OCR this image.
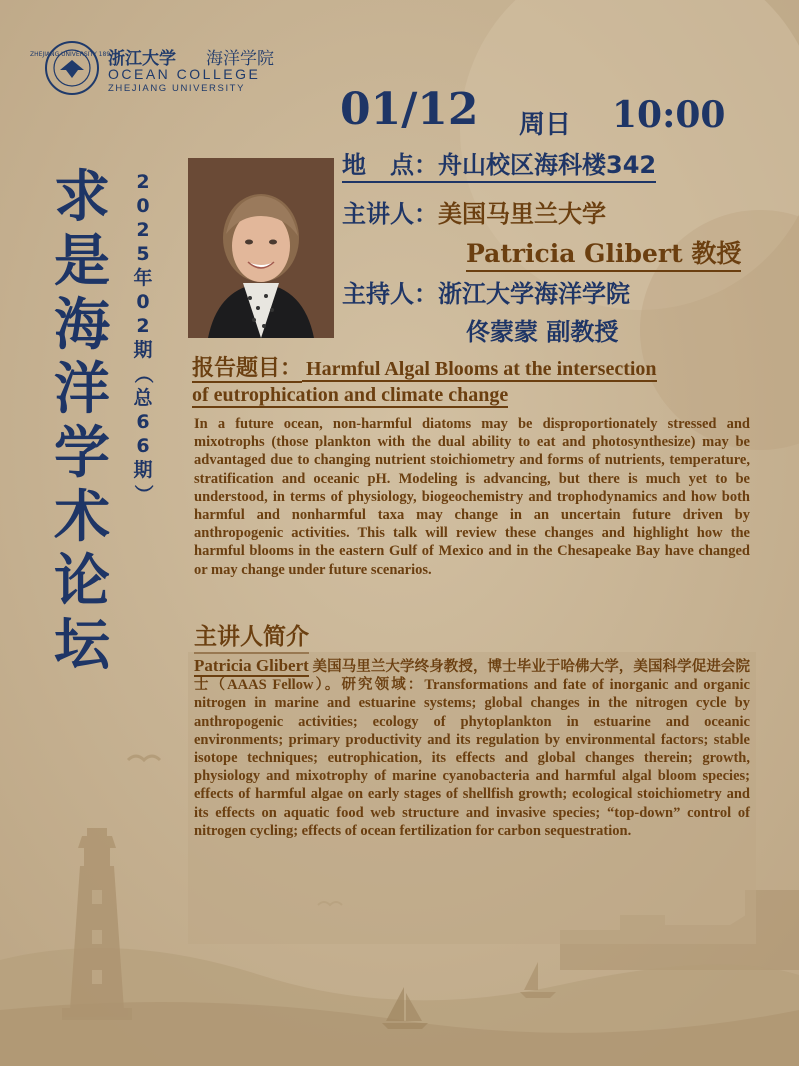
ZHEJIANG UNIVERSITY 1897
浙江大学 海洋学院
OCEAN COLLEGE
ZHEJIANG UNIVERSITY
求
是
海
洋
学
术
论
坛
2
0
2
5
年
0
2
期
（
总
6
6
期
）
01/12 周日 10:00
地　点：舟山校区海科楼342
主讲人：美国马里兰大学
Patricia Glibert 教授
主持人：浙江大学海洋学院
佟蒙蒙 副教授
报告题目： Harmful Algal Blooms at the intersection
of eutrophication and climate change
In a future ocean, non-harmful diatoms may be disproportionately stressed and mixotrophs (those plankton with the dual ability to eat and photosynthesize) may be advantaged due to changing nutrient stoichiometry and forms of nutrients, temperature, stratification and oceanic pH. Modeling is advancing, but there is much yet to be understood, in terms of physiology, biogeochemistry and trophodynamics and how both harmful and nonharmful taxa may change in an uncertain future driven by anthropogenic activities. This talk will review these changes and highlight how the harmful blooms in the eastern Gulf of Mexico and in the Chesapeake Bay have changed or may change under future scenarios.
主讲人简介
Patricia Glibert 美国马里兰大学终身教授，博士毕业于哈佛大学，美国科学促进会院士（AAAS Fellow）。研究领域：Transformations and fate of inorganic and organic nitrogen in marine and estuarine systems; global changes in the nitrogen cycle by anthropogenic activities; ecology of phytoplankton in estuarine and oceanic environments; primary productivity and its regulation by environmental factors; stable isotope techniques; eutrophication, its effects and global changes therein; growth, physiology and mixotrophy of marine cyanobacteria and harmful algal bloom species; effects of harmful algae on early stages of shellfish growth; ecological stoichiometry and its effects on aquatic food web structure and invasive species; “top-down” control of nitrogen cycling; effects of ocean fertilization for carbon sequestration.
